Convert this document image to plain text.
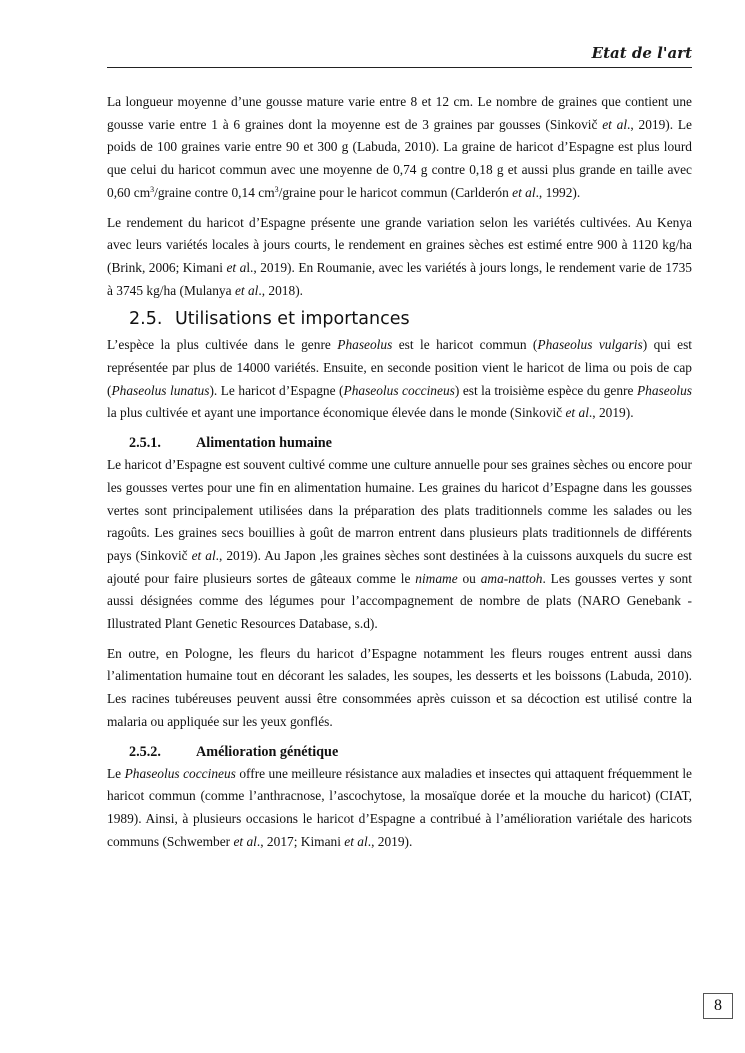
Etat de l'art

La longueur moyenne d’une gousse mature varie entre 8 et 12 cm. Le nombre de graines que contient une gousse varie entre 1 à 6 graines dont la moyenne est de 3 graines par gousses (Sinkovič et al., 2019). Le poids de 100 graines varie entre 90 et 300 g (Labuda, 2010). La graine de haricot d’Espagne est plus lourd que celui du haricot commun avec une moyenne de 0,74 g contre 0,18 g et aussi plus grande en taille avec 0,60 $cm^3$/graine contre 0,14 $cm^3$/graine pour le haricot commun (Carlderón et al., 1992).

Le rendement du haricot d’Espagne présente une grande variation selon les variétés cultivées. Au Kenya avec leurs variétés locales à jours courts, le rendement en graines sèches est estimé entre 900 à 1120 kg/ha (Brink, 2006; Kimani et al., 2019). En Roumanie, avec les variétés à jours longs, le rendement varie de 1735 à 3745 kg/ha (Mulanya et al., 2018).

2.5. Utilisations et importances

L’espèce la plus cultivée dans le genre Phaseolus est le haricot commun (Phaseolus vulgaris) qui est représentée par plus de 14000 variétés. Ensuite, en seconde position vient le haricot de lima ou pois de cap (Phaseolus lunatus). Le haricot d’Espagne (Phaseolus coccineus) est la troisième espèce du genre Phaseolus la plus cultivée et ayant une importance économique élevée dans le monde (Sinkovič et al., 2019).

2.5.1. Alimentation humaine

Le haricot d’Espagne est souvent cultivé comme une culture annuelle pour ses graines sèches ou encore pour les gousses vertes pour une fin en alimentation humaine. Les graines du haricot d’Espagne dans les gousses vertes sont principalement utilisées dans la préparation des plats traditionnels comme les salades ou les ragoûts. Les graines secs bouillies à goût de marron entrent dans plusieurs plats traditionnels de différents pays (Sinkovič et al., 2019). Au Japon ,les graines sèches sont destinées à la cuissons auxquels du sucre est ajouté pour faire plusieurs sortes de gâteaux comme le nimame ou ama-nattoh. Les gousses vertes y sont aussi désignées comme des légumes pour l’accompagnement de nombre de plats (NARO Genebank - Illustrated Plant Genetic Resources Database, s.d).

En outre, en Pologne, les fleurs du haricot d’Espagne notamment les fleurs rouges entrent aussi dans l’alimentation humaine tout en décorant les salades, les soupes, les desserts et les boissons (Labuda, 2010). Les racines tubéreuses peuvent aussi être consommées après cuisson et sa décoction est utilisé contre la malaria ou appliquée sur les yeux gonflés.

2.5.2. Amélioration génétique

Le Phaseolus coccineus offre une meilleure résistance aux maladies et insectes qui attaquent fréquemment le haricot commun (comme l’anthracnose, l’ascochytose, la mosaïque dorée et la mouche du haricot) (CIAT, 1989). Ainsi, à plusieurs occasions le haricot d’Espagne a contribué à l’amélioration variétale des haricots communs (Schwember et al., 2017; Kimani et al., 2019).

8
